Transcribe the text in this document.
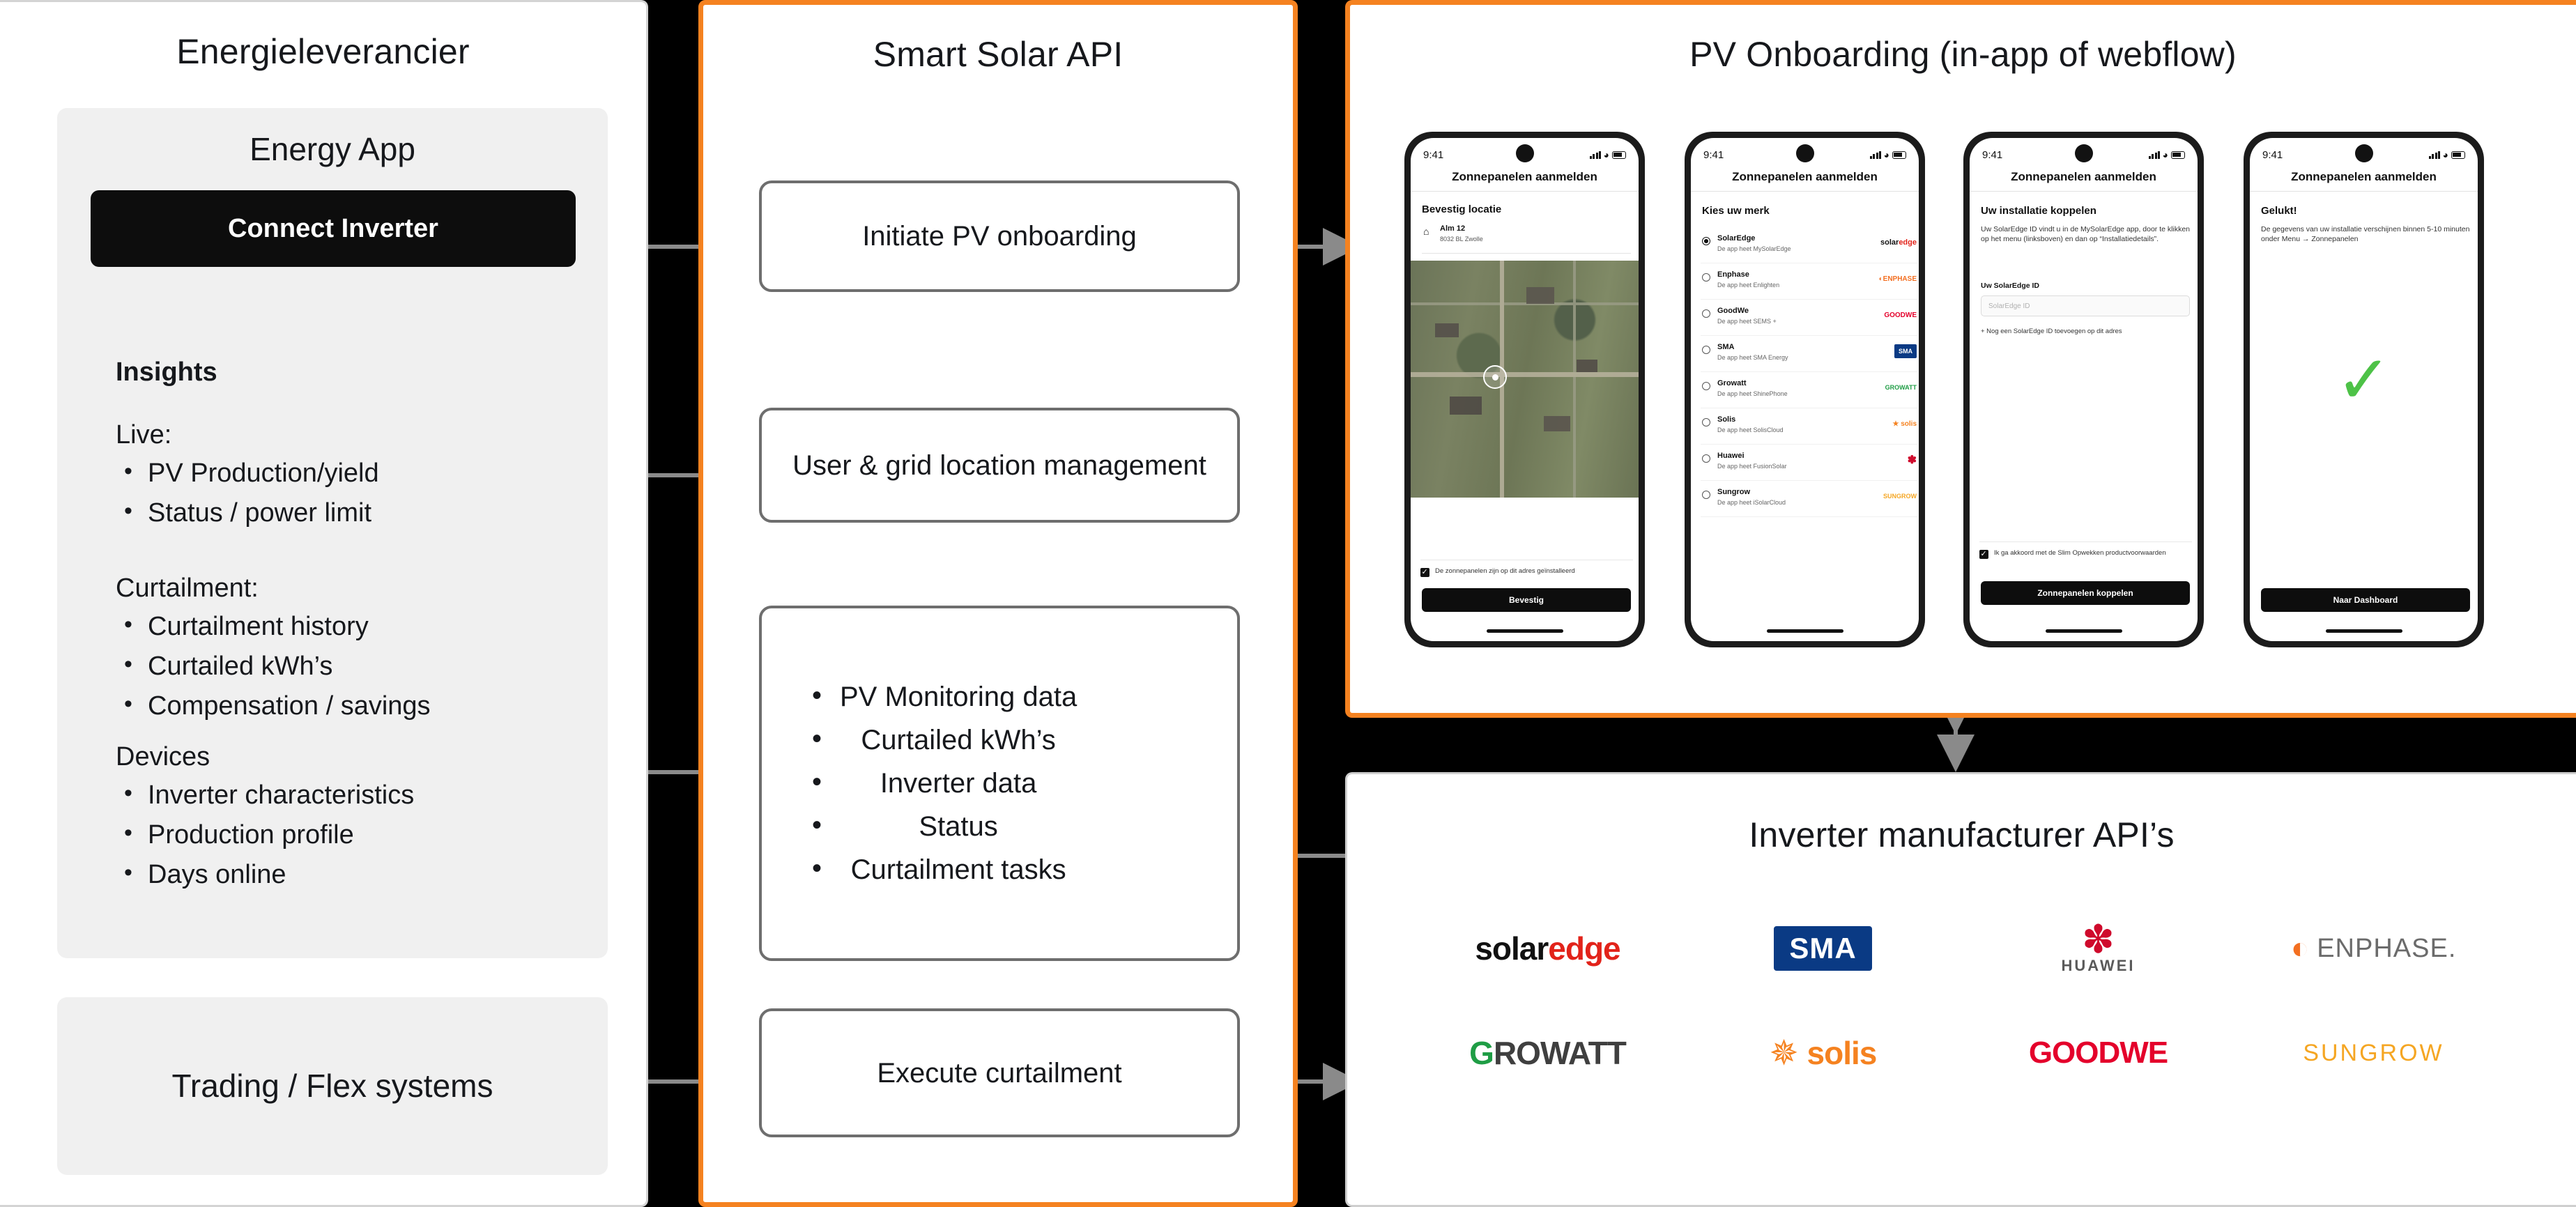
Energieleverancier
Energy App
Connect Inverter
Insights
Live:
• PV Production/yield
• Status / power limit
Curtailment:
• Curtailment history
• Curtailed kWh’s
• Compensation / savings
Devices
• Inverter characteristics
• Production profile
• Days online
Trading / Flex systems
Smart Solar API
Initiate PV onboarding
User & grid location management
• PV Monitoring data
• Curtailed kWh’s
• Inverter data
• Status
• Curtailment tasks
Execute curtailment
PV Onboarding (in-app of webflow)
9:41	◕
Zonnepanelen aanmelden
Bevestig locatie
⌂ Alm 12
8032 BL Zwolle
✓
De zonnepanelen zijn op dit adres geïnstalleerd
Bevestig
9:41	◕
Zonnepanelen aanmelden
Kies uw merk
SolarEdge
De app heet MySolarEdge
solar edge
Enphase
De app heet Enlighten
◐ENPHASE
GoodWe
De app heet SEMS +
GOODWE
SMA
De app heet SMA Energy
SMA
Growatt
De app heet ShinePhone
GROWATT
Solis
De app heet SolisCloud
★ solis
Huawei
De app heet FusionSolar	✽
Sungrow
De app heet iSolarCloud
SUNGROW
9:41	◕
Zonnepanelen aanmelden
Uw installatie koppelen
Uw SolarEdge ID vindt u in de MySolarEdge app, door te klikken op het menu (linksboven) en dan op “Installatiedetails”.
Uw SolarEdge ID
SolarEdge ID
+ Nog een SolarEdge ID toevoegen op dit adres
✓
Ik ga akkoord met de Slim Opwekken productvoorwaarden
Zonnepanelen koppelen
9:41	◕
Zonnepanelen aanmelden
Gelukt!
De gegevens van uw installatie verschijnen binnen 5-10 minuten onder Menu → Zonnepanelen
✓
Naar Dashboard
Inverter manufacturer API’s
solaredge	SMA	✽
HUAWEI
◐ ENPHASE.
GROWATT	✵ solis	GOODWE	SUNGROW
